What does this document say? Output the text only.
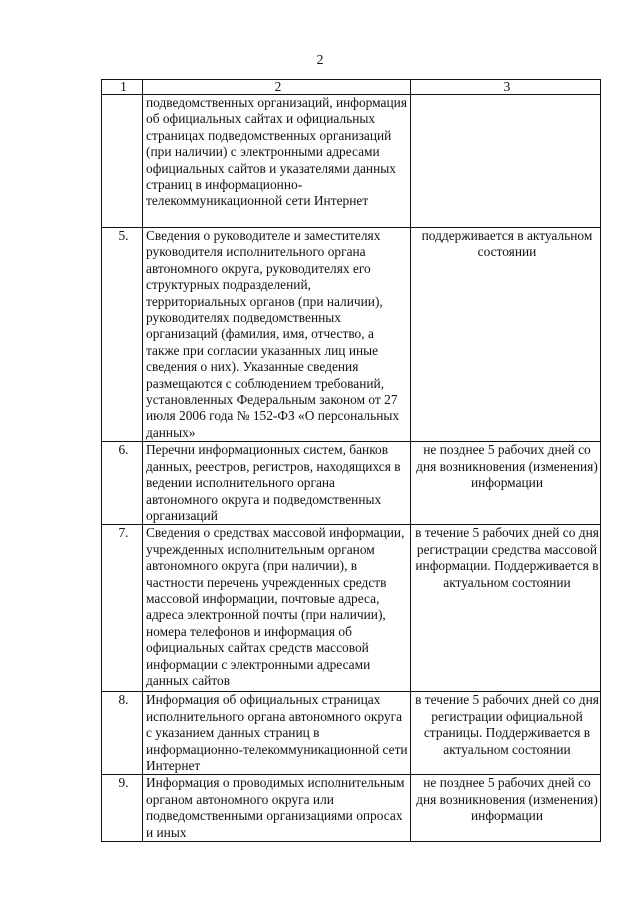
2
1	2	3
	подведомственных организаций, информация об официальных сайтах и официальных страницах подведомственных организаций (при наличии) с электронными адресами официальных сайтов и указателями данных страниц в информационно-телекоммуникационной сети Интернет	
5.	Сведения о руководителе и заместителях руководителя исполнительного органа автономного округа, руководителях его структурных подразделений, территориальных органов (при наличии), руководителях подведомственных организаций (фамилия, имя, отчество, а также при согласии указанных лиц иные сведения о них). Указанные сведения размещаются с соблюдением требований, установленных Федеральным законом от 27 июля 2006 года № 152-ФЗ «О персональных данных»	поддерживается в актуальном состоянии
6.	Перечни информационных систем, банков данных, реестров, регистров, находящихся в ведении исполнительного органа автономного округа и подведомственных организаций	не позднее 5 рабочих дней со дня возникновения (изменения) информации
7.	Сведения о средствах массовой информации, учрежденных исполнительным органом автономного округа (при наличии), в частности перечень учрежденных средств массовой информации, почтовые адреса, адреса электронной почты (при наличии), номера телефонов и информация об официальных сайтах средств массовой информации с электронными адресами данных сайтов	в течение 5 рабочих дней со дня регистрации средства массовой информации. Поддерживается в актуальном состоянии
8.	Информация об официальных страницах исполнительного органа автономного округа с указанием данных страниц в информационно-телекоммуникационной сети Интернет	в течение 5 рабочих дней со дня регистрации официальной страницы. Поддерживается в актуальном состоянии
9.	Информация о проводимых исполнительным органом автономного округа или подведомственными организациями опросах и иных	не позднее 5 рабочих дней со дня возникновения (изменения) информации
